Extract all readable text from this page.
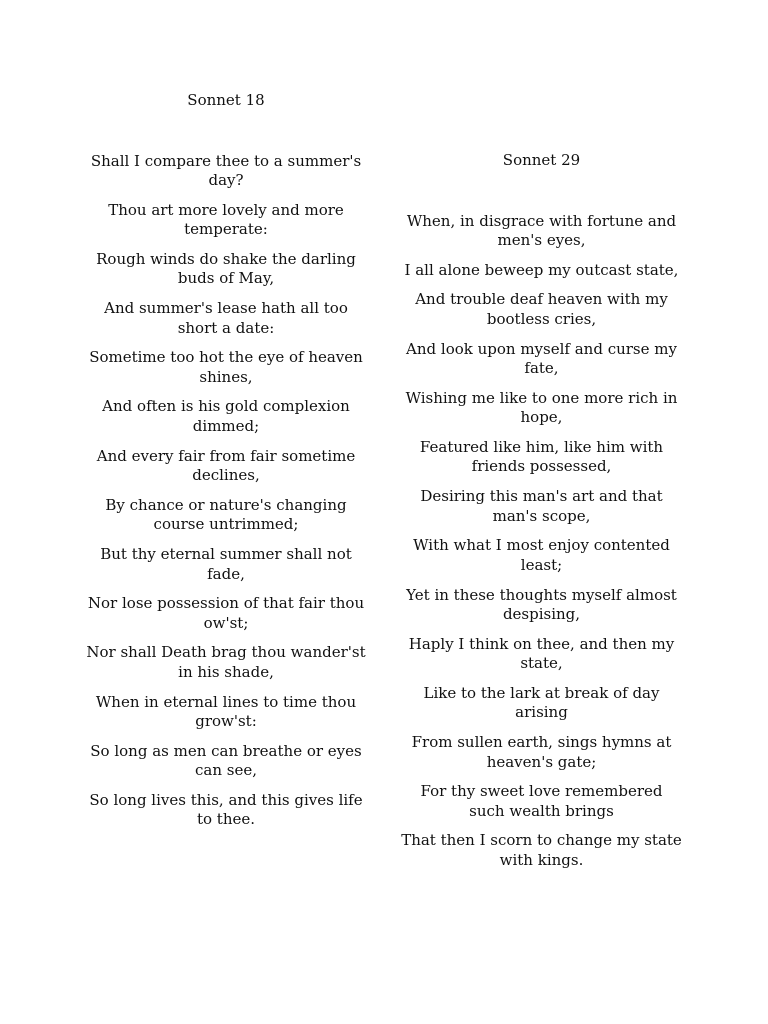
Sonnet 18
Shall I compare thee to a summer's day?
Thou art more lovely and more temperate:
Rough winds do shake the darling buds of May,
And summer's lease hath all too short a date:
Sometime too hot the eye of heaven shines,
And often is his gold complexion dimmed;
And every fair from fair sometime declines,
By chance or nature's changing course untrimmed;
But thy eternal summer shall not fade,
Nor lose possession of that fair thou ow'st;
Nor shall Death brag thou wander'st in his shade,
When in eternal lines to time thou grow'st:
So long as men can breathe or eyes can see,
So long lives this, and this gives life to thee.
Sonnet 29
When, in disgrace with fortune and men's eyes,
I all alone beweep my outcast state,
And trouble deaf heaven with my bootless cries,
And look upon myself and curse my fate,
Wishing me like to one more rich in hope,
Featured like him, like him with friends possessed,
Desiring this man's art and that man's scope,
With what I most enjoy contented least;
Yet in these thoughts myself almost despising,
Haply I think on thee, and then my state,
Like to the lark at break of day arising
From sullen earth, sings hymns at heaven's gate;
For thy sweet love remembered such wealth brings
That then I scorn to change my state with kings.
